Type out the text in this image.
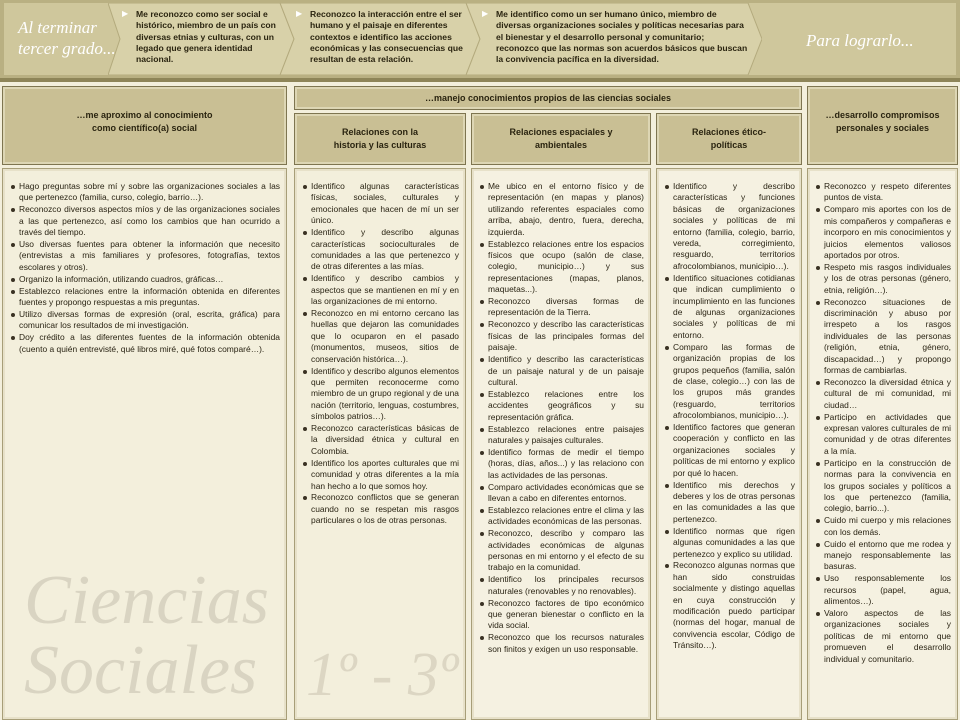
Al terminar
tercer grado...
▶ Me reconozco como ser social e histórico, miembro de un país con diversas etnias y culturas, con un legado que genera identidad nacional.
▶ Reconozco la interacción entre el ser humano y el paisaje en diferentes contextos e identifico las acciones económicas y las consecuencias que resultan de esta relación.
▶ Me identifico como un ser humano único, miembro de diversas organizaciones sociales y políticas necesarias para el bienestar y el desarrollo personal y comunitario; reconozco que las normas son acuerdos básicos que buscan la convivencia pacífica en la diversidad.
Para lograrlo...
…me aproximo al conocimiento como científico(a) social
…manejo conocimientos propios de las ciencias sociales
Relaciones con la historia y las culturas
Relaciones espaciales y ambientales
Relaciones ético-políticas
…desarrollo compromisos personales y sociales
Ciencias
Sociales 1º - 3º
Hago preguntas sobre mí y sobre las organizaciones sociales a las que pertenezco (familia, curso, colegio, barrio…).
Reconozco diversos aspectos míos y de las organizaciones sociales a las que pertenezco, así como los cambios que han ocurrido a través del tiempo.
Uso diversas fuentes para obtener la información que necesito (entrevistas a mis familiares y profesores, fotografías, textos escolares y otros).
Organizo la información, utilizando cuadros, gráficas…
Establezco relaciones entre la información obtenida en diferentes fuentes y propongo respuestas a mis preguntas.
Utilizo diversas formas de expresión (oral, escrita, gráfica) para comunicar los resultados de mi investigación.
Doy crédito a las diferentes fuentes de la información obtenida (cuento a quién entrevisté, qué libros miré, qué fotos comparé…).
Identifico algunas características físicas, sociales, culturales y emocionales que hacen de mí un ser único.
Identifico y describo algunas características socioculturales de comunidades a las que pertenezco y de otras diferentes a las mías.
Identifico y describo cambios y aspectos que se mantienen en mí y en las organizaciones de mi entorno.
Reconozco en mi entorno cercano las huellas que dejaron las comunidades que lo ocuparon en el pasado (monumentos, museos, sitios de conservación histórica…).
Identifico y describo algunos elementos que permiten reconocerme como miembro de un grupo regional y de una nación (territorio, lenguas, costumbres, símbolos patrios…).
Reconozco características básicas de la diversidad étnica y cultural en Colombia.
Identifico los aportes culturales que mi comunidad y otras diferentes a la mía han hecho a lo que somos hoy.
Reconozco conflictos que se generan cuando no se respetan mis rasgos particulares o los de otras personas.
Me ubico en el entorno físico y de representación (en mapas y planos) utilizando referentes espaciales como arriba, abajo, dentro, fuera, derecha, izquierda.
Establezco relaciones entre los espacios físicos que ocupo (salón de clase, colegio, municipio…) y sus representaciones (mapas, planos, maquetas...).
Reconozco diversas formas de representación de la Tierra.
Reconozco y describo las características físicas de las principales formas del paisaje.
Identifico y describo las características de un paisaje natural y de un paisaje cultural.
Establezco relaciones entre los accidentes geográficos y su representación gráfica.
Establezco relaciones entre paisajes naturales y paisajes culturales.
Identifico formas de medir el tiempo (horas, días, años...) y las relaciono con las actividades de las personas.
Comparo actividades económicas que se llevan a cabo en diferentes entornos.
Establezco relaciones entre el clima y las actividades económicas de las personas.
Reconozco, describo y comparo las actividades económicas de algunas personas en mi entorno y el efecto de su trabajo en la comunidad.
Identifico los principales recursos naturales (renovables y no renovables).
Reconozco factores de tipo económico que generan bienestar o conflicto en la vida social.
Reconozco que los recursos naturales son finitos y exigen un uso responsable.
Identifico y describo características y funciones básicas de organizaciones sociales y políticas de mi entorno (familia, colegio, barrio, vereda, corregimiento, resguardo, territorios afrocolombianos, municipio…).
Identifico situaciones cotidianas que indican cumplimiento o incumplimiento en las funciones de algunas organizaciones sociales y políticas de mi entorno.
Comparo las formas de organización propias de los grupos pequeños (familia, salón de clase, colegio…) con las de los grupos más grandes (resguardo, territorios afrocolombianos, municipio…).
Identifico factores que generan cooperación y conflicto en las organizaciones sociales y políticas de mi entorno y explico por qué lo hacen.
Identifico mis derechos y deberes y los de otras personas en las comunidades a las que pertenezco.
Identifico normas que rigen algunas comunidades a las que pertenezco y explico su utilidad.
Reconozco algunas normas que han sido construidas socialmente y distingo aquellas en cuya construcción y modificación puedo participar (normas del hogar, manual de convivencia escolar, Código de Tránsito…).
Reconozco y respeto diferentes puntos de vista.
Comparo mis aportes con los de mis compañeros y compañeras e incorporo en mis conocimientos y juicios elementos valiosos aportados por otros.
Respeto mis rasgos individuales y los de otras personas (género, etnia, religión…).
Reconozco situaciones de discriminación y abuso por irrespeto a los rasgos individuales de las personas (religión, etnia, género, discapacidad…) y propongo formas de cambiarlas.
Reconozco la diversidad étnica y cultural de mi comunidad, mi ciudad…
Participo en actividades que expresan valores culturales de mi comunidad y de otras diferentes a la mía.
Participo en la construcción de normas para la convivencia en los grupos sociales y políticos a los que pertenezco (familia, colegio, barrio...).
Cuido mi cuerpo y mis relaciones con los demás.
Cuido el entorno que me rodea y manejo responsablemente las basuras.
Uso responsablemente los recursos (papel, agua, alimentos…).
Valoro aspectos de las organizaciones sociales y políticas de mi entorno que promueven el desarrollo individual y comunitario.
